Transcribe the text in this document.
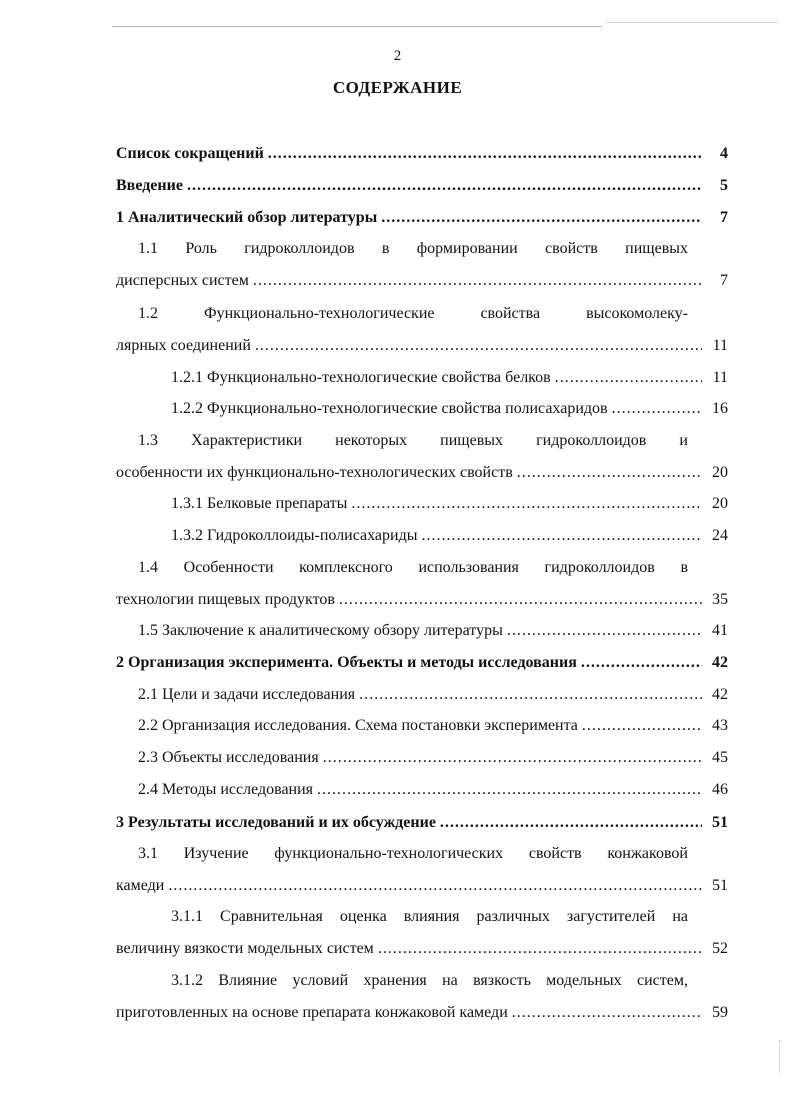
2
СОДЕРЖАНИЕ
Список сокращений .....	4
Введение .....	5
1 Аналитический обзор литературы .....	7
1.1 Роль гидроколлоидов в формировании свойств пищевых
дисперсных систем .....	7
1.2 Функционально-технологические свойства высокомолеку-
лярных соединений .....	11
1.2.1 Функционально-технологические свойства белков .....	11
1.2.2 Функционально-технологические свойства полисахаридов .....	16
1.3 Характеристики некоторых пищевых гидроколлоидов и
особенности их функционально-технологических свойств .....	20
1.3.1 Белковые препараты .....	20
1.3.2 Гидроколлоиды-полисахариды .....	24
1.4 Особенности комплексного использования гидроколлоидов в
технологии пищевых продуктов .....	35
1.5 Заключение к аналитическому обзору литературы .....	41
2 Организация эксперимента. Объекты и методы исследования .....	42
2.1 Цели и задачи исследования .....	42
2.2 Организация исследования. Схема постановки эксперимента .....	43
2.3 Объекты исследования .....	45
2.4 Методы исследования .....	46
3 Результаты исследований и их обсуждение .....	51
3.1 Изучение функционально-технологических свойств конжаковой
камеди .....	51
3.1.1 Сравнительная оценка влияния различных загустителей на
величину вязкости модельных систем .....	52
3.1.2 Влияние условий хранения на вязкость модельных систем,
приготовленных на основе препарата конжаковой камеди .....	59
